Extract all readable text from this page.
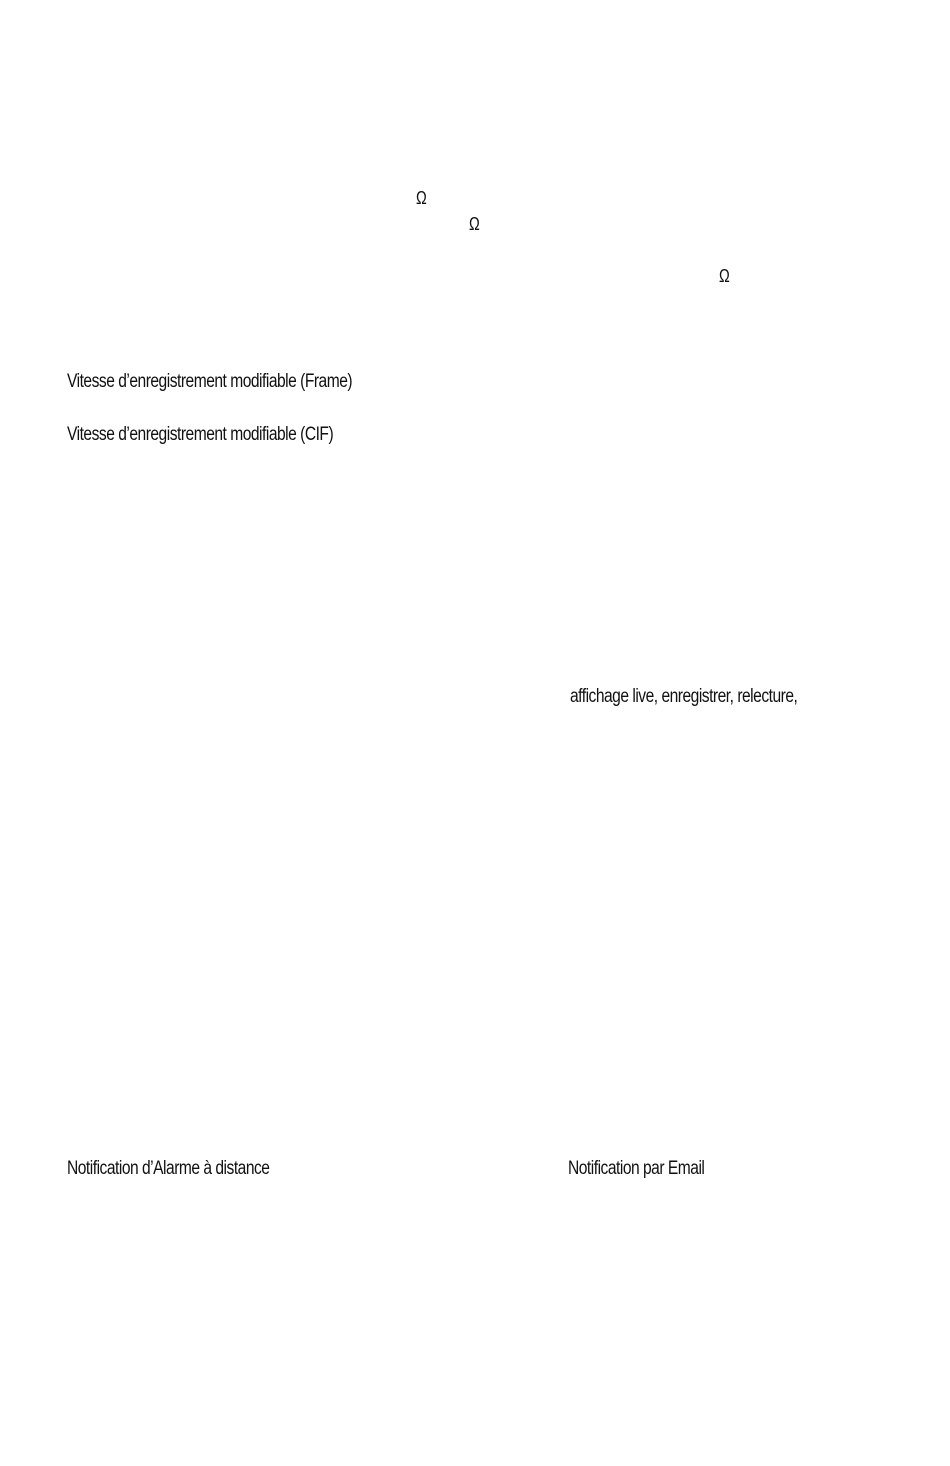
Ω
Ω
Ω
Vitesse d’enregistrement modifiable (Frame)
Vitesse d’enregistrement modifiable (CIF)
affichage live, enregistrer, relecture,
Notification d’Alarme à distance	Notification par Email
